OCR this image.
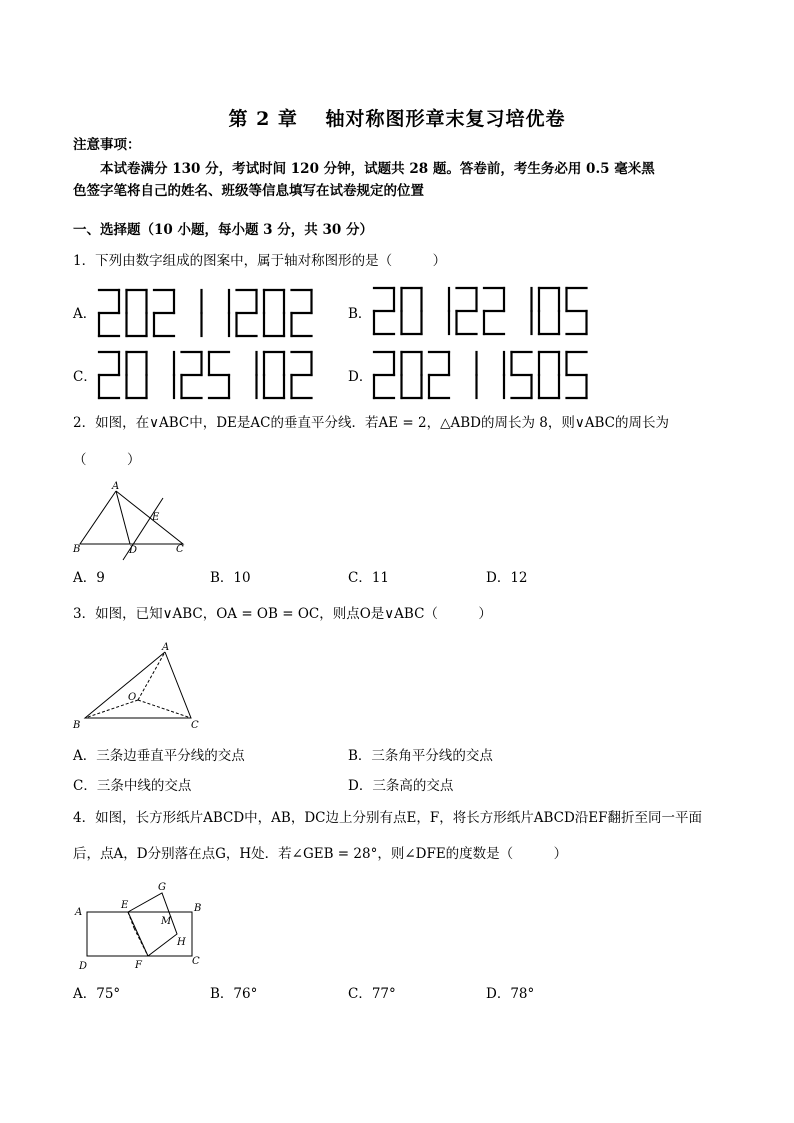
第 2 章　 轴对称图形章末复习培优卷
注意事项：
本试卷满分 130 分，考试时间 120 分钟，试题共 28 题。答卷前，考生务必用 0.5 毫米黑
色签字笔将自己的姓名、班级等信息填写在试卷规定的位置
一、选择题（10 小题，每小题 3 分，共 30 分）
1．下列由数字组成的图案中，属于轴对称图形的是（　　　）
A．	B．
C．	D．
2．如图，在∨ABC中，DE是AC的垂直平分线．若AE = 2，△ABD的周长为 8，则∨ABC的周长为
（　　　）
A
B	C
D
E
A．9	B．10	C．11	D．12
3．如图，已知∨ABC，OA = OB = OC，则点O是∨ABC（　　　）
A
B	C
O
A．三条边垂直平分线的交点	B．三条角平分线的交点
C．三条中线的交点	D．三条高的交点
4．如图，长方形纸片ABCD中，AB，DC边上分别有点E，F，将长方形纸片ABCD沿EF翻折至同一平面
后，点A，D分别落在点G，H处．若∠GEB = 28°，则∠DFE的度数是（　　　）
A	B
C
D
E
F
G
H
M
A．75°	B．76°	C．77°	D．78°
